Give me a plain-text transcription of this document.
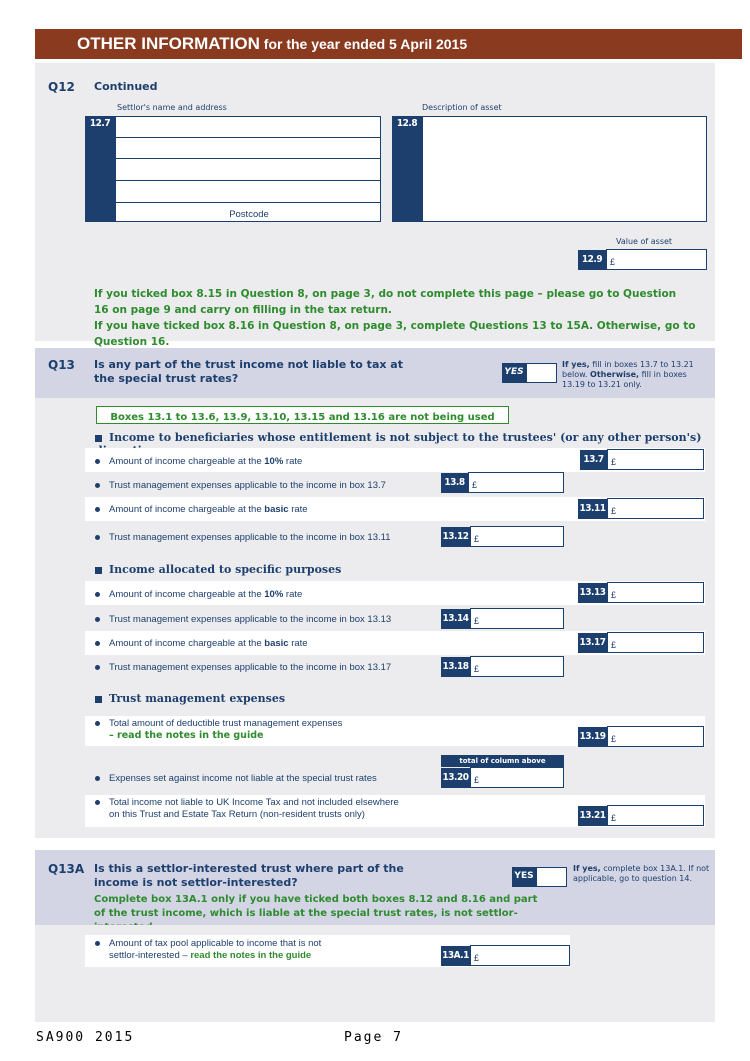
OTHER INFORMATION for the year ended 5 April 2015
Q12 Continued
Settlor's name and address
12.7
Postcode
Description of asset
12.8
Value of asset
12.9 £
If you ticked box 8.15 in Question 8, on page 3, do not complete this page – please go to Question 16 on page 9 and carry on filling in the tax return.
If you have ticked box 8.16 in Question 8, on page 3, complete Questions 13 to 15A. Otherwise, go to Question 16.
Q13 Is any part of the trust income not liable to tax at the special trust rates?	YES
If yes, fill in boxes 13.7 to 13.21 below. Otherwise, fill in boxes 13.19 to 13.21 only.
Boxes 13.1 to 13.6, 13.9, 13.10, 13.15 and 13.16 are not being used
Income to beneficiaries whose entitlement is not subject to the trustees' (or any other person's)
Amount of income chargeable at the 10% rate	13.7 £
Trust management expenses applicable to the income in box 13.7	13.8 £
Amount of income chargeable at the basic rate	13.11 £
Trust management expenses applicable to the income in box 13.11	13.12 £
Income allocated to specific purposes
Amount of income chargeable at the 10% rate	13.13 £
Trust management expenses applicable to the income in box 13.13	13.14 £
Amount of income chargeable at the basic rate	13.17 £
Trust management expenses applicable to the income in box 13.17	13.18 £
Trust management expenses
Total amount of deductible trust management expenses
– read the notes in the guide	13.19 £
total of column above
Expenses set against income not liable at the special trust rates	13.20 £
Total income not liable to UK Income Tax and not included elsewhere
on this Trust and Estate Tax Return (non-resident trusts only)	13.21 £
Q13A Is this a settlor-interested trust where part of the income is not settlor-interested?	YES
If yes, complete box 13A.1. If not applicable, go to question 14.
Complete box 13A.1 only if you have ticked both boxes 8.12 and 8.16 and part of the trust income, which is liable at the special trust rates, is not settlor-
Amount of tax pool applicable to income that is not
settlor-interested – read the notes in the guide	13A.1 £
SA900 2015	Page 7
